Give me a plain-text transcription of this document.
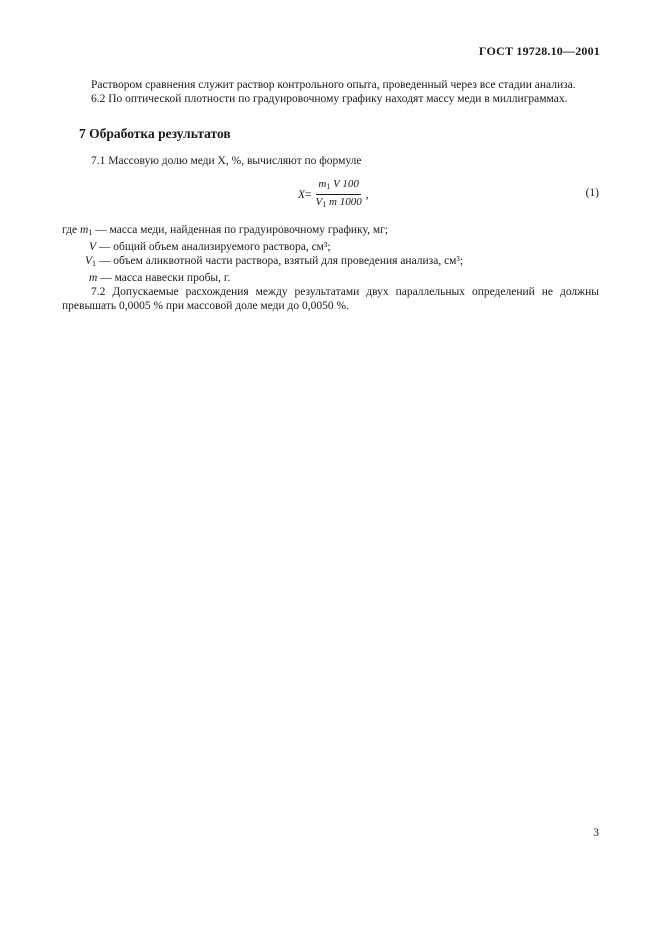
ГОСТ 19728.10—2001

Раствором сравнения служит раствор контрольного опыта, проведенный через все стадии анализа.

6.2 По оптической плотности по градуировочному графику находят массу меди в миллиграммах.

7 Обработка результатов

7.1 Массовую долю меди X, %, вычисляют по формуле

$X = \frac{m_1 V 100}{V_1 m 1000}$ ,	(1)

где $m_1$ — масса меди, найденная по градуировочному графику, мг;

V — общий объем анализируемого раствора, см³;

$V_1$ — объем аликвотной части раствора, взятый для проведения анализа, см³;

m — масса навески пробы, г.

7.2 Допускаемые расхождения между результатами двух параллельных определений не должны превышать 0,0005 % при массовой доле меди до 0,0050 %.

3
